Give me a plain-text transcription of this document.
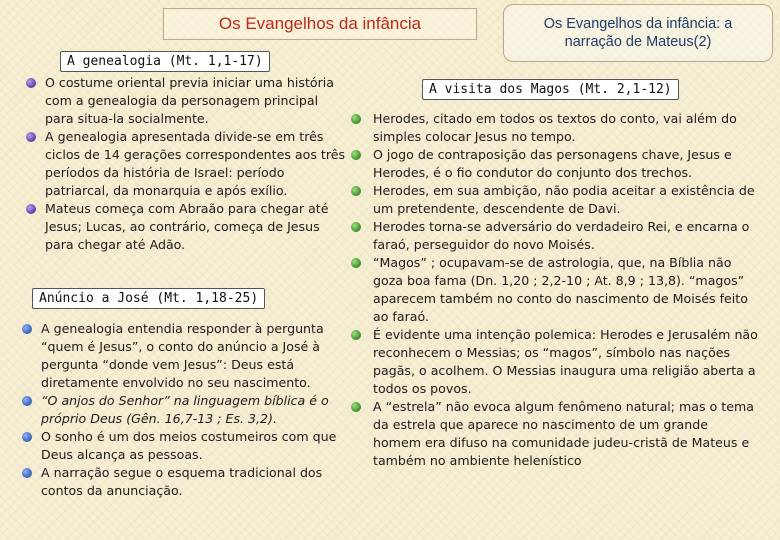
Os Evangelhos da infância	Os Evangelhos da infância: a
narração de Mateus(2)
A genealogia (Mt. 1,1-17)
O costume oriental previa iniciar uma história com a genealogia da personagem principal para situa-la socialmente.
A genealogia apresentada divide-se em três ciclos de 14 gerações correspondentes aos três períodos da história de Israel: período patriarcal, da monarquia e após exílio.
Mateus começa com Abraão para chegar até Jesus; Lucas, ao contrário, começa de Jesus para chegar até Adão.
Anúncio a José (Mt. 1,18-25)
A genealogia entendia responder à pergunta “quem é Jesus”, o conto do anúncio a José à pergunta “donde vem Jesus”: Deus está diretamente envolvido no seu nascimento.
“O anjos do Senhor” na linguagem bíblica é o próprio Deus (Gên. 16,7-13 ; Es. 3,2).
O sonho é um dos meios costumeiros com que Deus alcança as pessoas.
A narração segue o esquema tradicional dos contos da anunciação.
A visita dos Magos (Mt. 2,1-12)
Herodes, citado em todos os textos do conto, vai além do simples colocar Jesus no tempo.
O jogo de contraposição das personagens chave, Jesus e Herodes, é o fio condutor do conjunto dos trechos.
Herodes, em sua ambição, não podia aceitar a existência de um pretendente, descendente de Davi.
Herodes torna-se adversário do verdadeiro Rei, e encarna o faraó, perseguidor do novo Moisés.
“Magos” ; ocupavam-se de astrologia, que, na Bíblia não goza boa fama (Dn. 1,20 ; 2,2-10 ; At. 8,9 ; 13,8). “magos” aparecem também no conto do nascimento de Moisés feito ao faraó.
É evidente uma intenção polemica: Herodes e Jerusalém não reconhecem o Messias; os “magos”, símbolo nas nações pagãs, o acolhem. O Messias inaugura uma religião aberta a todos os povos.
A “estrela” não evoca algum fenômeno natural; mas o tema da estrela que aparece no nascimento de um grande homem era difuso na comunidade judeu-cristã de Mateus e também no ambiente helenístico
